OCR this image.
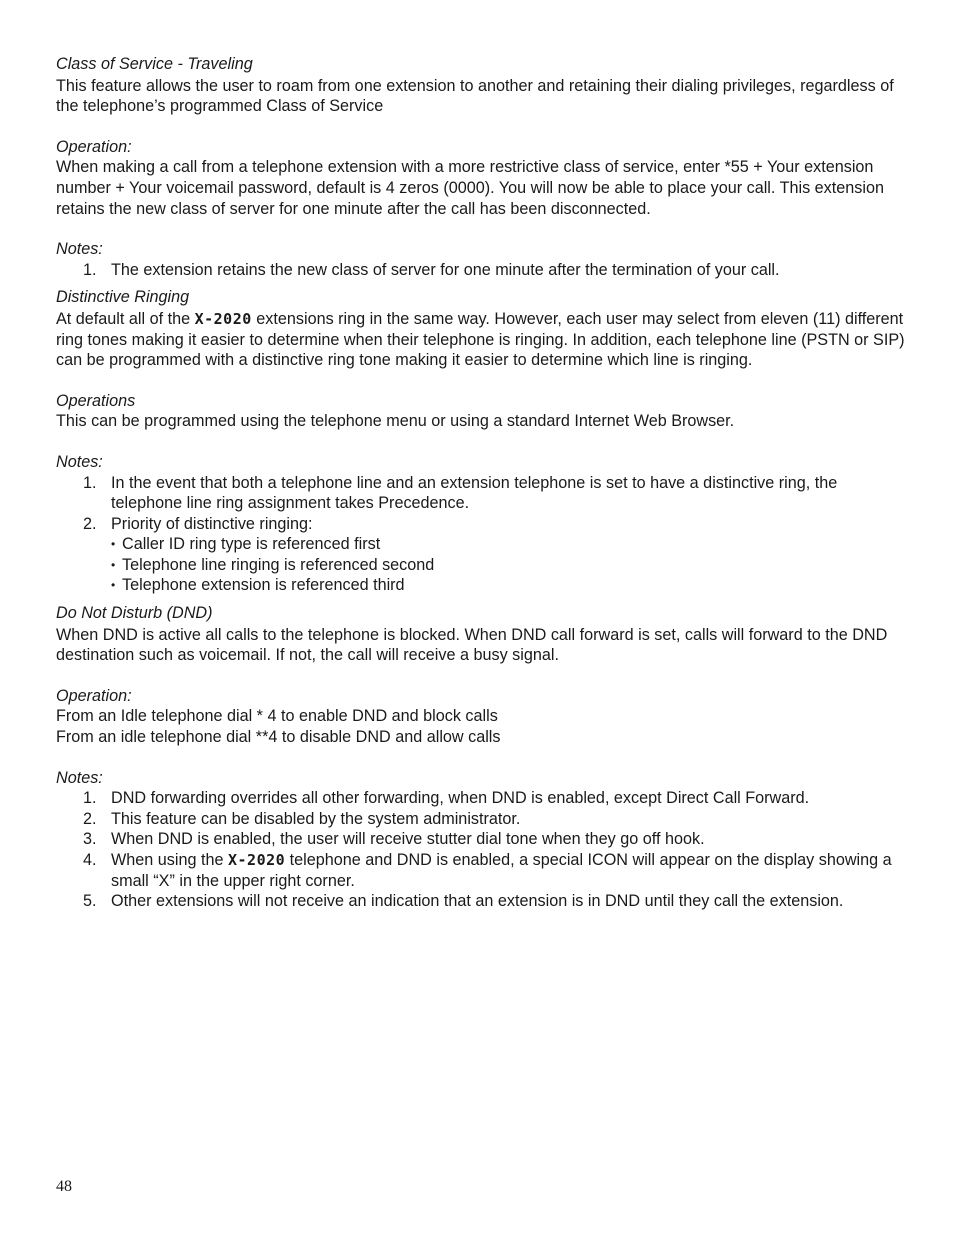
Class of Service - Traveling

This feature allows the user to roam from one extension to another and retaining their dialing privileges, regardless of the telephone’s programmed Class of Service

Operation:

When making a call from a telephone extension with a more restrictive class of service, enter *55 + Your extension number + Your voicemail password, default is 4 zeros (0000). You will now be able to place your call. This extension retains the new class of server for one minute after the call has been disconnected.

Notes:

1. The extension retains the new class of server for one minute after the termination of your call.

Distinctive Ringing

At default all of the X-2020 extensions ring in the same way. However, each user may select from eleven (11) different ring tones making it easier to determine when their telephone is ringing. In addition, each telephone line (PSTN or SIP) can be programmed with a distinctive ring tone making it easier to determine which line is ringing.

Operations

This can be programmed using the telephone menu or using a standard Internet Web Browser.

Notes:

1. In the event that both a telephone line and an extension telephone is set to have a distinctive ring, the telephone line ring assignment takes Precedence.
2. Priority of distinctive ringing:
• Caller ID ring type is referenced first
• Telephone line ringing is referenced second
• Telephone extension is referenced third

Do Not Disturb (DND)

When DND is active all calls to the telephone is blocked. When DND call forward is set, calls will forward to the DND destination such as voicemail. If not, the call will receive a busy signal.

Operation:

From an Idle telephone dial * 4 to enable DND and block calls

From an idle telephone dial **4 to disable DND and allow calls

Notes:

1. DND forwarding overrides all other forwarding, when DND is enabled, except Direct Call Forward.
2. This feature can be disabled by the system administrator.
3. When DND is enabled, the user will receive stutter dial tone when they go off hook.
4. When using the X-2020 telephone and DND is enabled, a special ICON will appear on the display showing a small “X” in the upper right corner.
5. Other extensions will not receive an indication that an extension is in DND until they call the extension.
48
